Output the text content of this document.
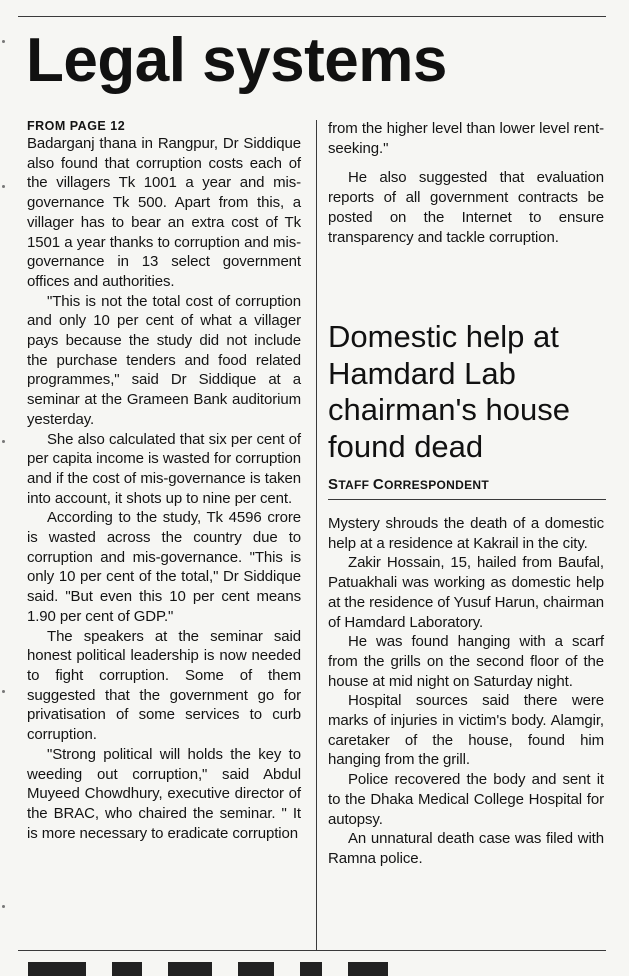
Legal systems
FROM PAGE 12

Badarganj thana in Rangpur, Dr Siddique also found that corruption costs each of the villagers Tk 1001 a year and mis-governance Tk 500. Apart from this, a villager has to bear an extra cost of Tk 1501 a year thanks to corruption and mis-governance in 13 select government offices and authorities.

"This is not the total cost of corruption and only 10 per cent of what a villager pays because the study did not include the purchase tenders and food related programmes," said Dr Siddique at a seminar at the Grameen Bank auditorium yesterday.

She also calculated that six per cent of per capita income is wasted for corruption and if the cost of mis-governance is taken into account, it shots up to nine per cent.

According to the study, Tk 4596 crore is wasted across the country due to corruption and mis-governance. "This is only 10 per cent of the total," Dr Siddique said. "But even this 10 per cent means 1.90 per cent of GDP."

The speakers at the seminar said honest political leadership is now needed to fight corruption. Some of them suggested that the government go for privatisation of some services to curb corruption.

"Strong political will holds the key to weeding out corruption," said Abdul Muyeed Chowdhury, executive director of the BRAC, who chaired the seminar. " It is more necessary to eradicate corruption

from the higher level than lower level rent-seeking."

He also suggested that evaluation reports of all government contracts be posted on the Internet to ensure transparency and tackle corruption.

Domestic help at Hamdard Lab chairman's house found dead
STAFF CORRESPONDENT

Mystery shrouds the death of a domestic help at a residence at Kakrail in the city.

Zakir Hossain, 15, hailed from Baufal, Patuakhali was working as domestic help at the residence of Yusuf Harun, chairman of Hamdard Laboratory.

He was found hanging with a scarf from the grills on the second floor of the house at mid night on Saturday night.

Hospital sources said there were marks of injuries in victim's body. Alamgir, caretaker of the house, found him hanging from the grill.

Police recovered the body and sent it to the Dhaka Medical College Hospital for autopsy.

An unnatural death case was filed with Ramna police.
